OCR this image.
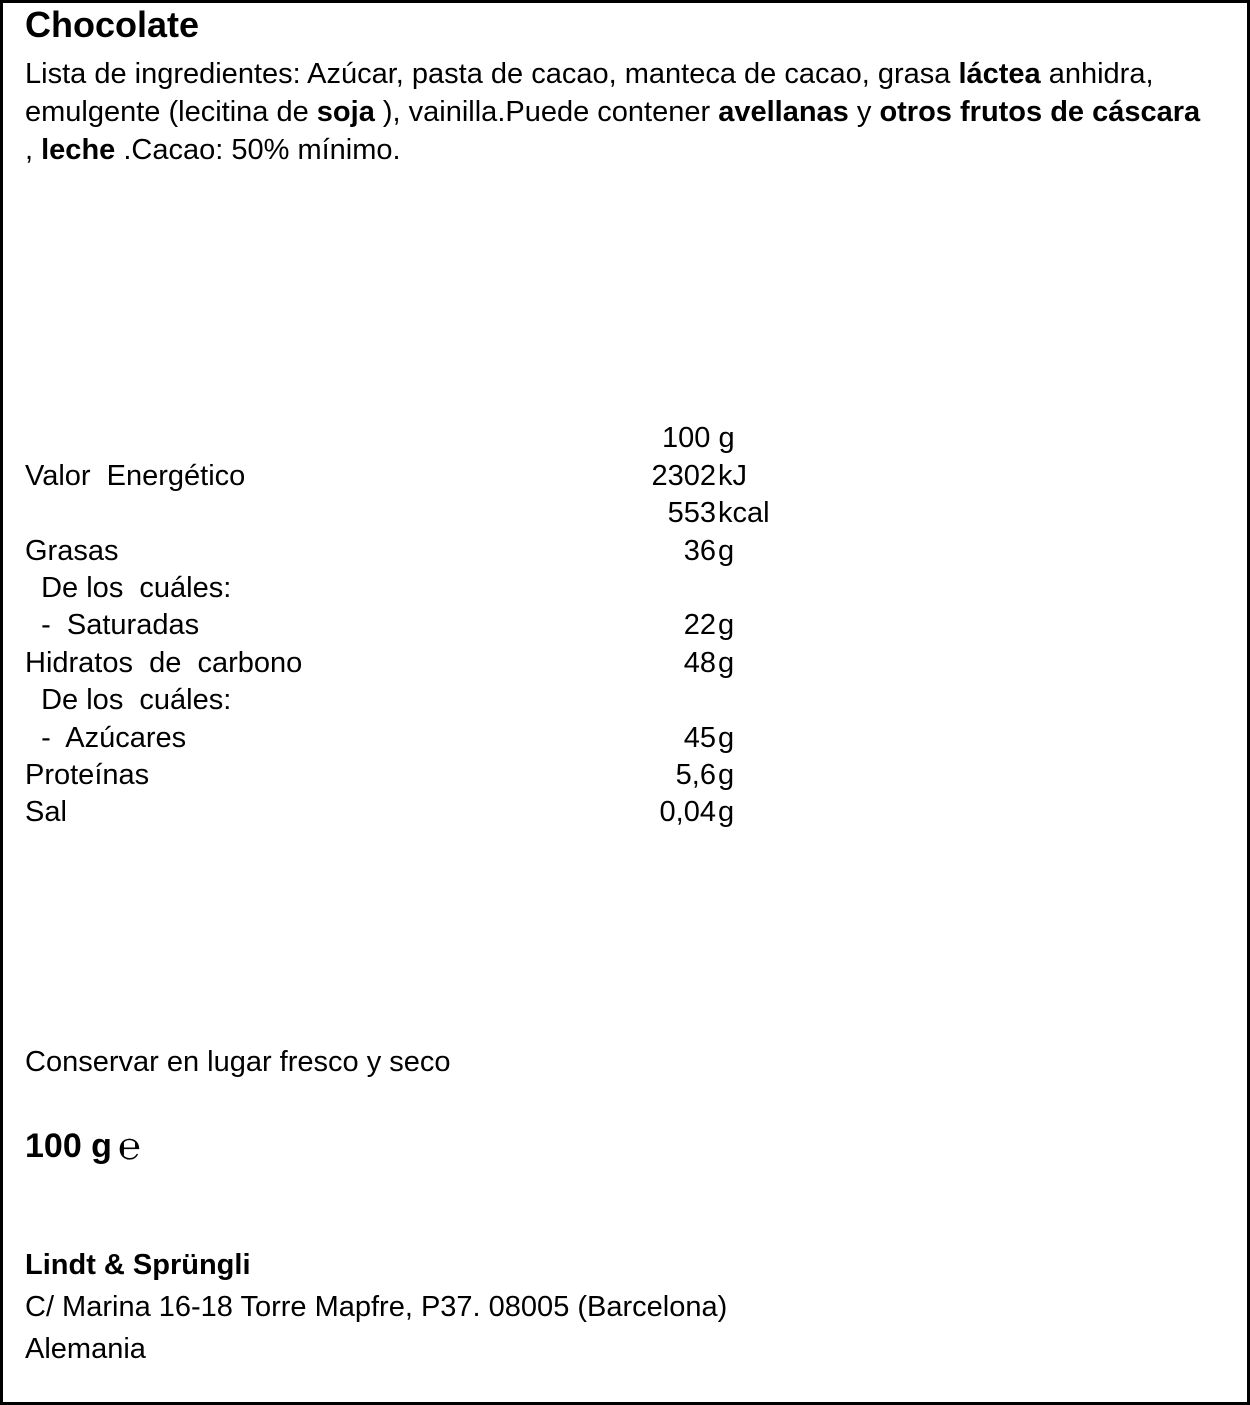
Chocolate
Lista de ingredientes: Azúcar, pasta de cacao, manteca de cacao, grasa láctea anhidra, emulgente (lecitina de soja ), vainilla.Puede contener avellanas y otros frutos de cáscara , leche .Cacao: 50% mínimo.
100 g
Valor  Energético	2302 kJ
553 kcal
Grasas	36 g
De los  cuáles:
-  Saturadas	22 g
Hidratos  de  carbono	48 g
De los  cuáles:
-  Azúcares	45 g
Proteínas	5,6 g
Sal	0,04 g
Conservar en lugar fresco y seco
100 g ℮
Lindt & Sprüngli
C/ Marina 16-18 Torre Mapfre, P37. 08005 (Barcelona)
Alemania
